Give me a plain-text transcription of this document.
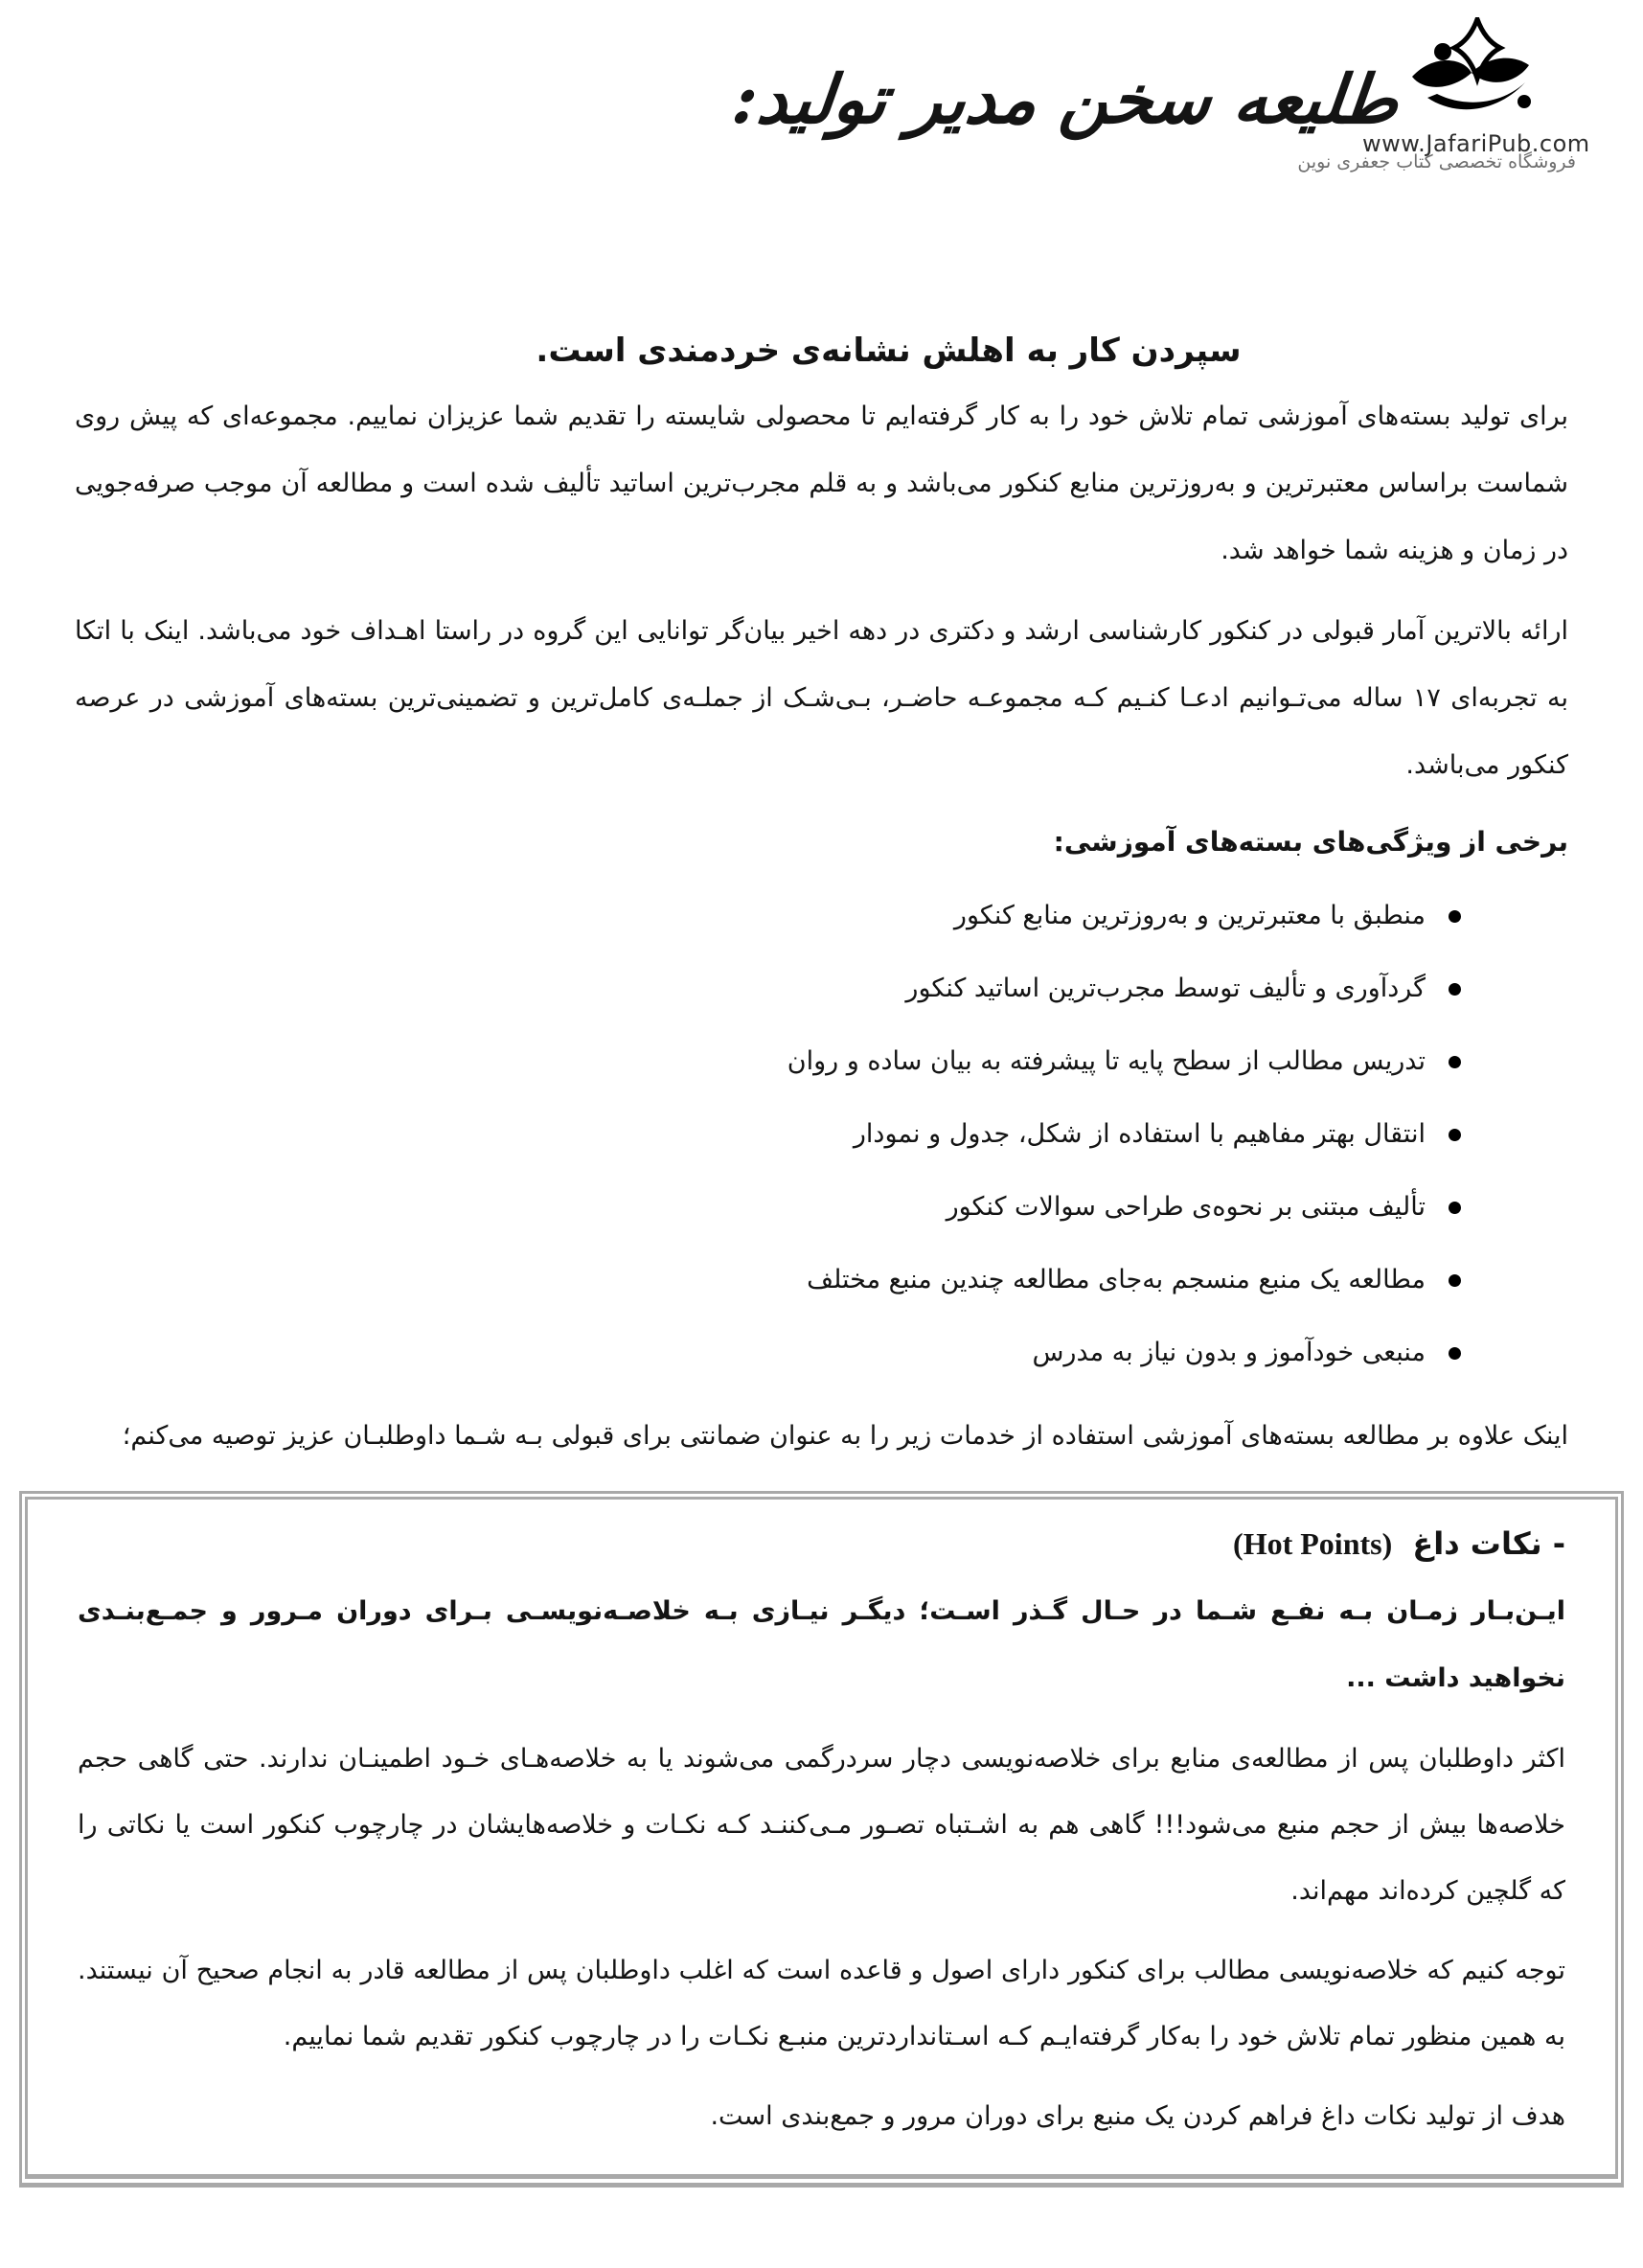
www.JafariPub.com
فروشگاه تخصصی کتاب جعفری نوین
طلیعه سخن مدیر تولید:
سپردن کار به اهلش نشانه‌ی خردمندی است.

برای تولید بسته‌های آموزشی تمام تلاش خود را به کار گرفته‌ایم تا محصولی شایسته را تقدیم شما عزیزان نماییم. مجموعه‌ای که پیش روی شماست براساس معتبرترین و به‌روزترین منابع کنکور می‌باشد و به قلم مجرب‌ترین اساتید تألیف شده است و مطالعه آن موجب صرفه‌جویی در زمان و هزینه شما خواهد شد.

ارائه بالاترین آمار قبولی در کنکور کارشناسی ارشد و دکتری در دهه اخیر بیان‌گر توانایی این گروه در راستا اهـداف خود می‌باشد. اینک با اتکا به تجربه‌ای ۱۷ ساله می‌تـوانیم ادعـا کنـیم کـه مجموعـه حاضـر، بـی‌شـک از جملـه‌ی کامل‌ترین و تضمینی‌ترین بسته‌های آموزشی در عرصه کنکور می‌باشد.

برخی از ویژگی‌های بسته‌های آموزشی:
منطبق با معتبرترین و به‌روزترین منابع کنکور
گردآوری و تألیف توسط مجرب‌ترین اساتید کنکور
تدریس مطالب از سطح پایه تا پیشرفته به بیان ساده و روان
انتقال بهتر مفاهیم با استفاده از شکل، جدول و نمودار
تألیف مبتنی بر نحوه‌ی طراحی سوالات کنکور
مطالعه یک منبع منسجم به‌جای مطالعه چندین منبع مختلف
منبعی خودآموز و بدون نیاز به مدرس

اینک علاوه بر مطالعه بسته‌های آموزشی استفاده از خدمات زیر را به عنوان ضمانتی برای قبولی بـه شـما داوطلبـان عزیز توصیه می‌کنم؛

- نکات داغ (Hot Points)

ایـن‌بـار زمـان بـه نفـع شـما در حـال گـذر اسـت؛ دیگـر نیـازی بـه خلاصـه‌نویسـی بـرای دوران مـرور و جمـع‌بنـدی نخواهید داشت ...

اکثر داوطلبان پس از مطالعه‌ی منابع برای خلاصه‌نویسی دچار سردرگمی می‌شوند یا به خلاصه‌هـای خـود اطمینـان ندارند. حتی گاهی حجم خلاصه‌ها بیش از حجم منبع می‌شود!!! گاهی هم به اشـتباه تصـور مـی‌کننـد کـه نکـات و خلاصه‌هایشان در چارچوب کنکور است یا نکاتی را که گلچین کرده‌اند مهم‌اند.

توجه کنیم که خلاصه‌نویسی مطالب برای کنکور دارای اصول و قاعده است که اغلب داوطلبان پس از مطالعه قادر به انجام صحیح آن نیستند. به همین منظور تمام تلاش خود را به‌کار گرفته‌ایـم کـه اسـتانداردترین منبـع نکـات را در چارچوب کنکور تقدیم شما نماییم.

هدف از تولید نکات داغ فراهم کردن یک منبع برای دوران مرور و جمع‌بندی است.
